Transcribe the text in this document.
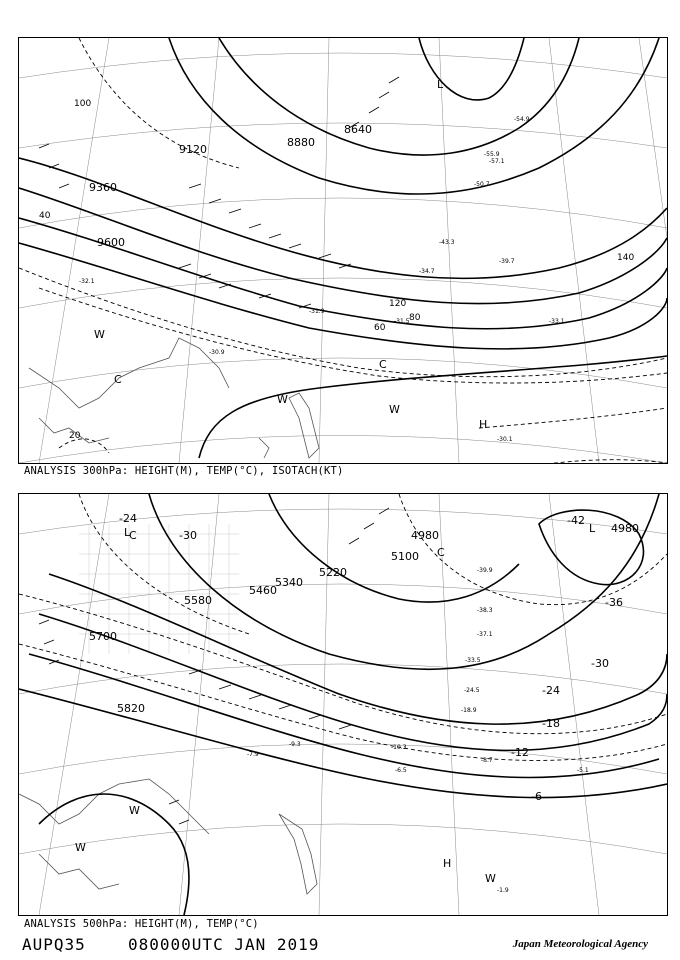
8640
8880
9120
9360
9600
20
40
60
80
100
120
140
L
H
W
C
C
W
W
-57.1
-55.9
-54.9
-50.7
-43.3
-39.7
-34.7
-31.9
-31.5
-30.9
-32.1
-33.1
-30.1
ANALYSIS 300hPa: HEIGHT(M), TEMP(°C), ISOTACH(KT)
4980
4980
5100
5220
5340
5460
5580
5700
5820
-42
-36
-30
-24
-18
-12
-6
-30
-24
L
L
C
H
W
W
W
C
-39.9
-38.3
-37.1
-33.5
-24.5
-18.9
-10.3
-8.7
-6.5	-5.1
-1.9
-9.3
-7.9
ANALYSIS 500hPa: HEIGHT(M), TEMP(°C)
AUPQ35	080000UTC JAN 2019	Japan Meteorological Agency
